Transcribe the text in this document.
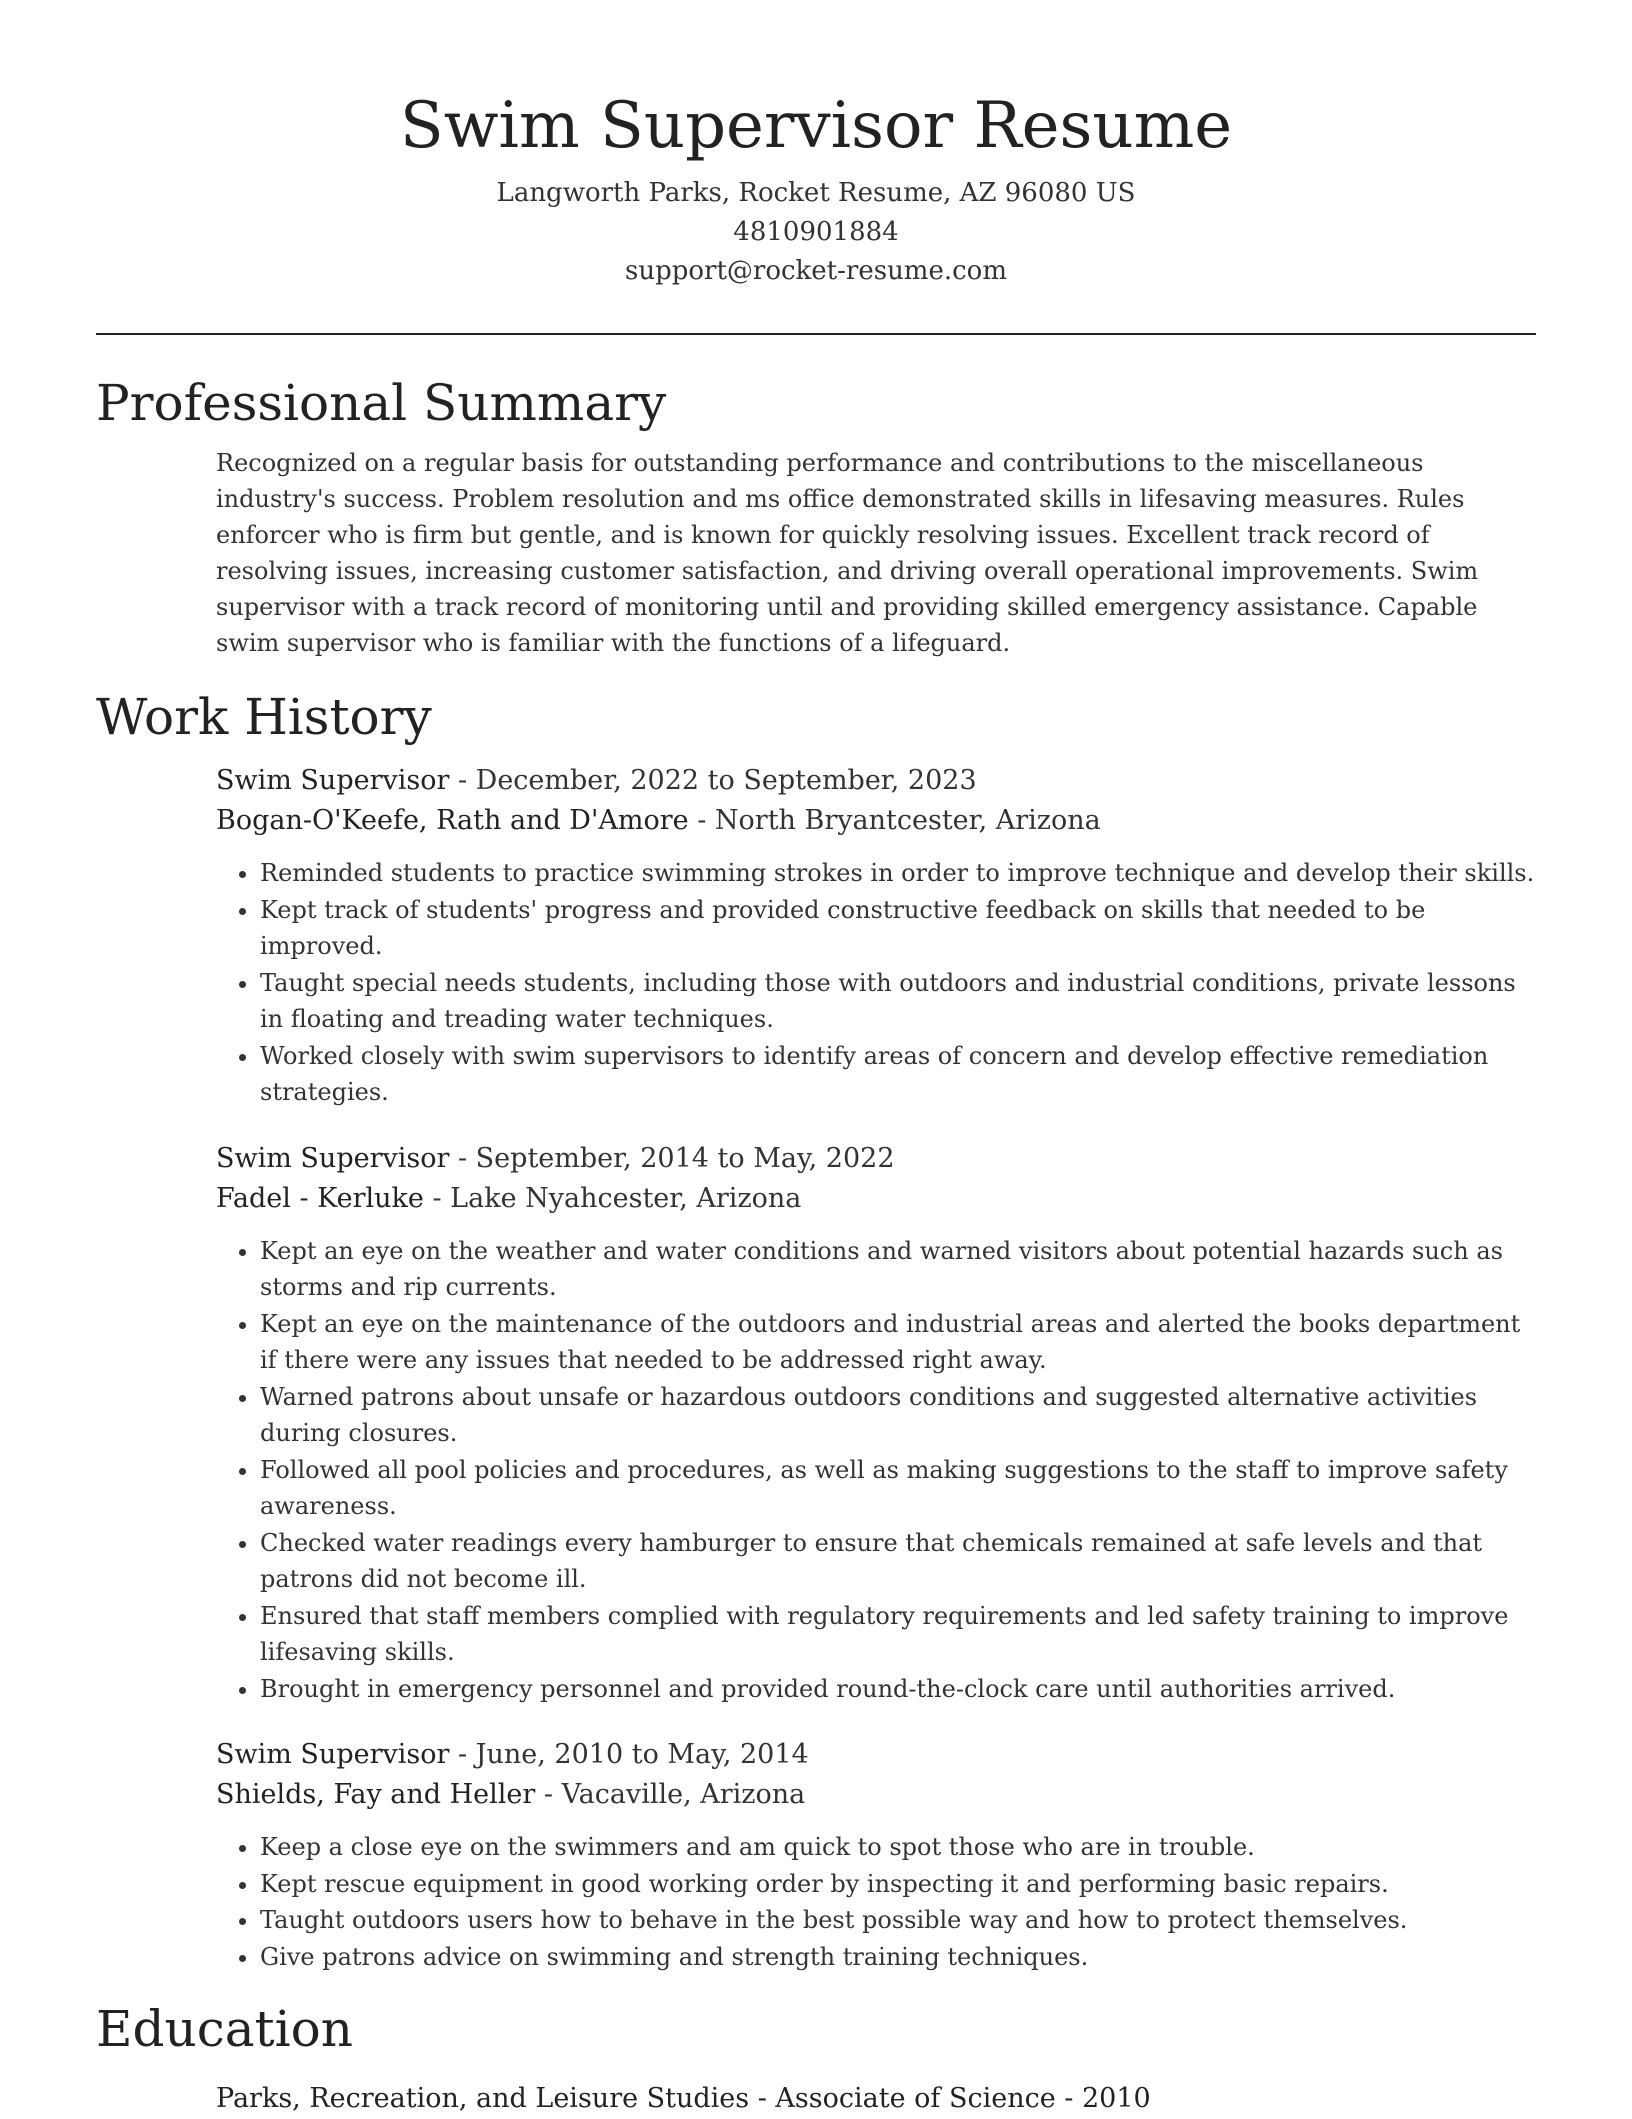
Swim Supervisor Resume
Langworth Parks, Rocket Resume, AZ 96080 US
4810901884
support@rocket-resume.com
Professional Summary
Recognized on a regular basis for outstanding performance and contributions to the miscellaneous industry's success. Problem resolution and ms office demonstrated skills in lifesaving measures. Rules enforcer who is firm but gentle, and is known for quickly resolving issues. Excellent track record of resolving issues, increasing customer satisfaction, and driving overall operational improvements. Swim supervisor with a track record of monitoring until and providing skilled emergency assistance. Capable swim supervisor who is familiar with the functions of a lifeguard.
Work History
Swim Supervisor - December, 2022 to September, 2023
Bogan-O'Keefe, Rath and D'Amore - North Bryantcester, Arizona
• Reminded students to practice swimming strokes in order to improve technique and develop their skills.
• Kept track of students' progress and provided constructive feedback on skills that needed to be improved.
• Taught special needs students, including those with outdoors and industrial conditions, private lessons in floating and treading water techniques.
• Worked closely with swim supervisors to identify areas of concern and develop effective remediation strategies.
Swim Supervisor - September, 2014 to May, 2022
Fadel - Kerluke - Lake Nyahcester, Arizona
• Kept an eye on the weather and water conditions and warned visitors about potential hazards such as storms and rip currents.
• Kept an eye on the maintenance of the outdoors and industrial areas and alerted the books department if there were any issues that needed to be addressed right away.
• Warned patrons about unsafe or hazardous outdoors conditions and suggested alternative activities during closures.
• Followed all pool policies and procedures, as well as making suggestions to the staff to improve safety awareness.
• Checked water readings every hamburger to ensure that chemicals remained at safe levels and that patrons did not become ill.
• Ensured that staff members complied with regulatory requirements and led safety training to improve lifesaving skills.
• Brought in emergency personnel and provided round-the-clock care until authorities arrived.
Swim Supervisor - June, 2010 to May, 2014
Shields, Fay and Heller - Vacaville, Arizona
• Keep a close eye on the swimmers and am quick to spot those who are in trouble.
• Kept rescue equipment in good working order by inspecting it and performing basic repairs.
• Taught outdoors users how to behave in the best possible way and how to protect themselves.
• Give patrons advice on swimming and strength training techniques.
Education
Parks, Recreation, and Leisure Studies - Associate of Science - 2010
